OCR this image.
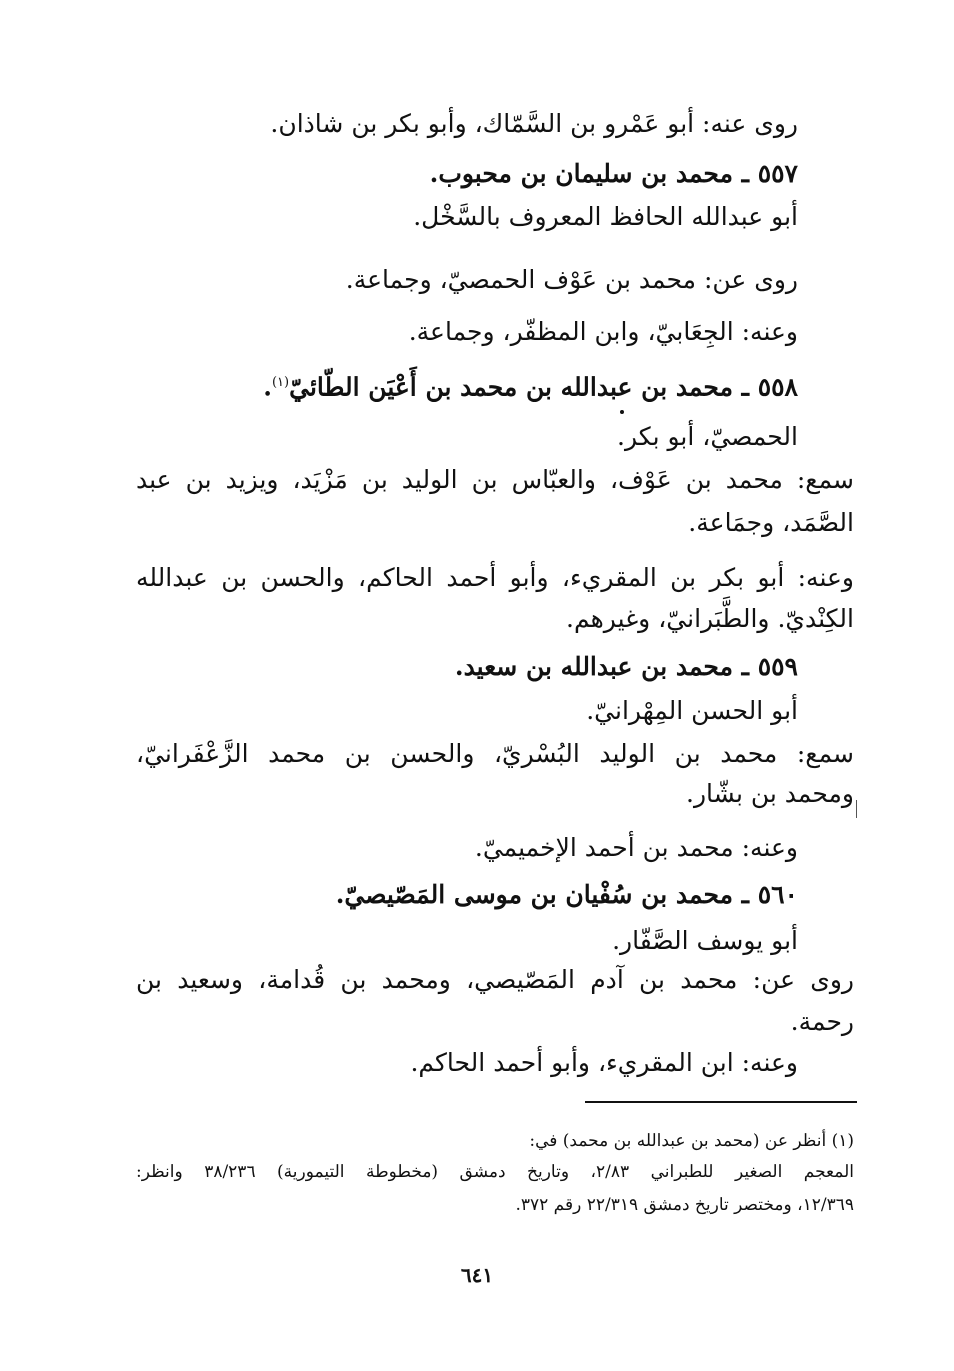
روى عنه: أبو عَمْرو بن السَّمّاك، وأبو بكر بن شاذان.
٥٥٧ ـ محمد بن سليمان بن محبوب.
أبو عبدالله الحافظ المعروف بالسَّخْل.
روى عن: محمد بن عَوْف الحمصيّ، وجماعة.
وعنه: الجِعَابيّ، وابن المظفّر، وجماعة.
٥٥٨ ـ محمد بن عبدالله بن محمد بن أَعْيَن الطّائيّ$^{(١)}$.
الحمصيّ، أبو بكر.
سمع: محمد بن عَوْف، والعبّاس بن الوليد بن مَزْيَد، ويزيد بن عبد
الصَّمَد، وجمَاعة.
وعنه: أبو بكر بن المقريء، وأبو أحمد الحاكم، والحسن بن عبدالله
الكِنْديّ. والطَّبَرانيّ، وغيرهم.
٥٥٩ ـ محمد بن عبدالله بن سعيد.
أبو الحسن المِهْرانيّ.
سمع: محمد بن الوليد البُسْريّ، والحسن بن محمد الزَّعْفَرانيّ،
ومحمد بن بشّار.
وعنه: محمد بن أحمد الإخميميّ.
٥٦٠ ـ محمد بن سُفْيان بن موسى المَصّيصيّ.
أبو يوسف الصَّفّار.
روى عن: محمد بن آدم المَصّيصي، ومحمد بن قُدامة، وسعيد بن
رحمة.
وعنه: ابن المقريء، وأبو أحمد الحاكم.
(١) أنظر عن (محمد بن عبدالله بن محمد) في:
المعجم الصغير للطبراني ٢/٨٣، وتاريخ دمشق (مخطوطة التيمورية) ٣٨/٢٣٦ وانظر:
١٢/٣٦٩، ومختصر تاريخ دمشق ٢٢/٣١٩ رقم ٣٧٢.
٦٤١
